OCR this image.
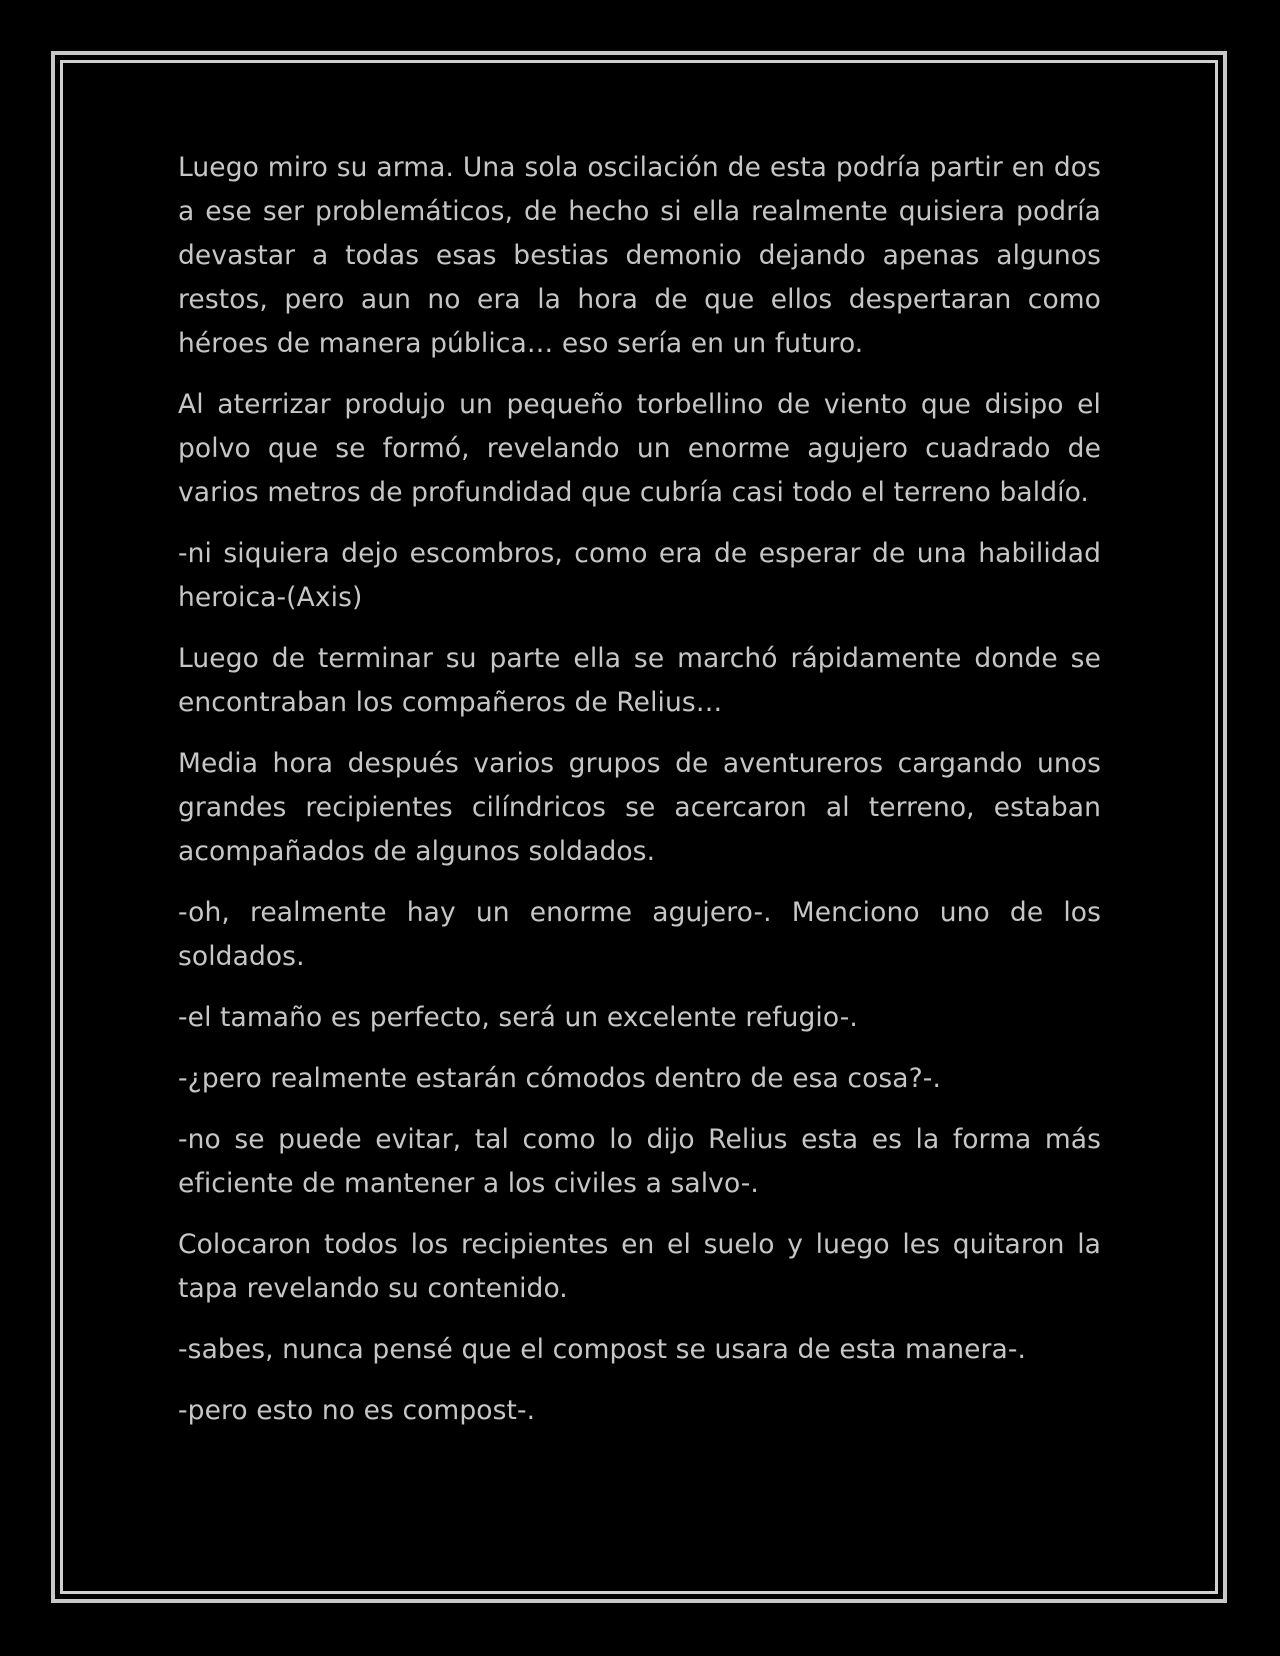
Luego miro su arma. Una sola oscilación de esta podría partir en dos a ese ser problemáticos, de hecho si ella realmente quisiera podría devastar a todas esas bestias demonio dejando apenas algunos restos, pero aun no era la hora de que ellos despertaran como héroes de manera pública… eso sería en un futuro.

Al aterrizar produjo un pequeño torbellino de viento que disipo el polvo que se formó, revelando un enorme agujero cuadrado de varios metros de profundidad que cubría casi todo el terreno baldío.

-ni siquiera dejo escombros, como era de esperar de una habilidad heroica-(Axis)

Luego de terminar su parte ella se marchó rápidamente donde se encontraban los compañeros de Relius…

Media hora después varios grupos de aventureros cargando unos grandes recipientes cilíndricos se acercaron al terreno, estaban acompañados de algunos soldados.

-oh, realmente hay un enorme agujero-. Menciono uno de los soldados.

-el tamaño es perfecto, será un excelente refugio-.

-¿pero realmente estarán cómodos dentro de esa cosa?-.

-no se puede evitar, tal como lo dijo Relius esta es la forma más eficiente de mantener a los civiles a salvo-.

Colocaron todos los recipientes en el suelo y luego les quitaron la tapa revelando su contenido.

-sabes, nunca pensé que el compost se usara de esta manera-.

-pero esto no es compost-.
